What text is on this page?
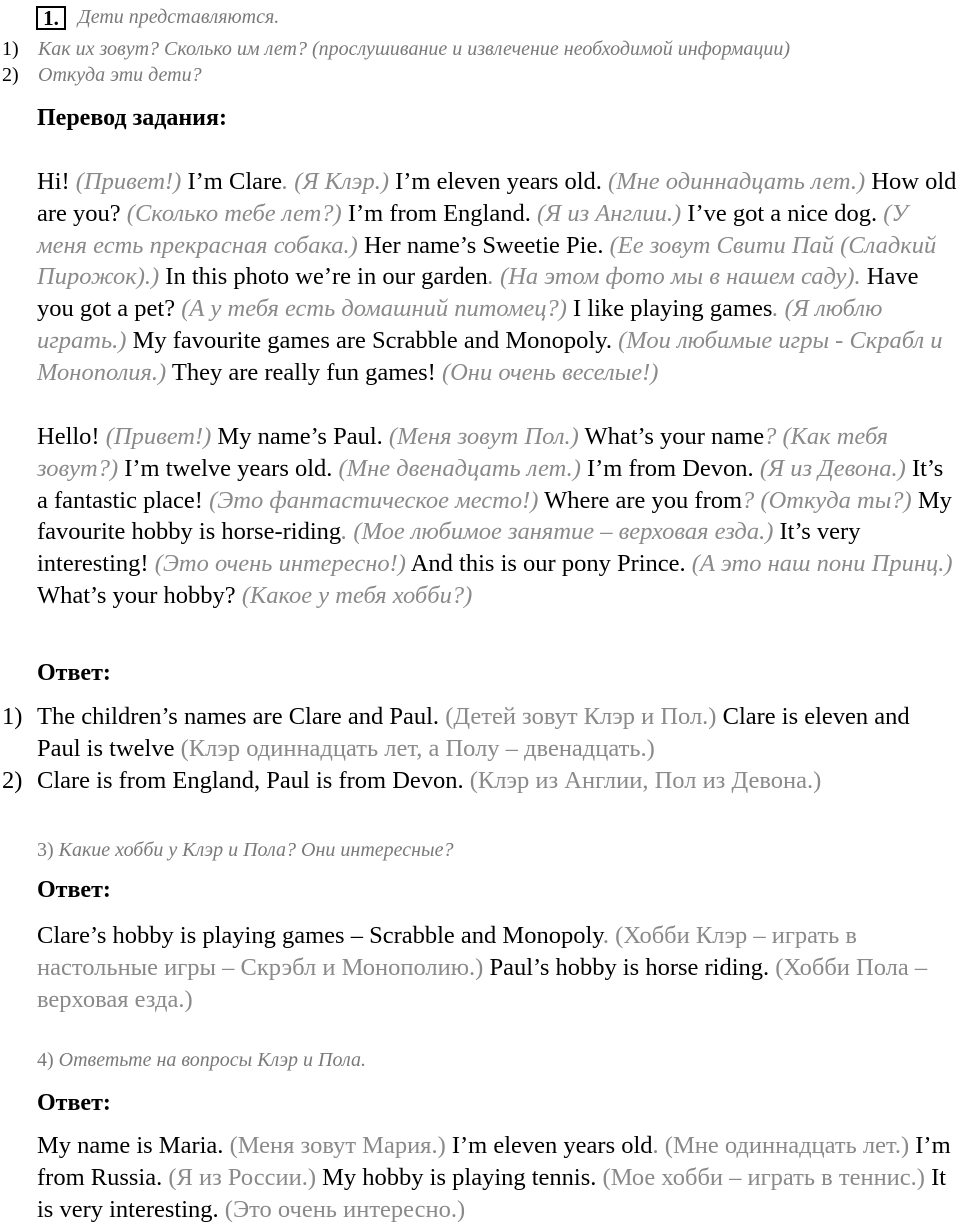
1. Дети представляются.
1) Как их зовут? Сколько им лет? (прослушивание и извлечение необходимой информации)
2) Откуда эти дети?
Перевод задания:
Hi! (Привет!) I’m Clare. (Я Клэр.) I’m eleven years old. (Мне одиннадцать лет.) How old are you? (Сколько тебе лет?) I’m from England. (Я из Англии.) I’ve got a nice dog. (У меня есть прекрасная собака.) Her name’s Sweetie Pie. (Ее зовут Свити Пай (Сладкий Пирожок).) In this photo we’re in our garden. (На этом фото мы в нашем саду). Have you got a pet? (А у тебя есть домашний питомец?) I like playing games. (Я люблю играть.) My favourite games are Scrabble and Monopoly. (Мои любимые игры - Скрабл и Монополия.) They are really fun games! (Они очень веселые!)
Hello! (Привет!) My name’s Paul. (Меня зовут Пол.) What’s your name? (Как тебя зовут?) I’m twelve years old. (Мне двенадцать лет.) I’m from Devon. (Я из Девона.) It’s a fantastic place! (Это фантастическое место!) Where are you from? (Откуда ты?) My favourite hobby is horse-riding. (Мое любимое занятие – верховая езда.) It’s very interesting! (Это очень интересно!) And this is our pony Prince. (А это наш пони Принц.) What’s your hobby? (Какое у тебя хобби?)
Ответ:
1) The children’s names are Clare and Paul. (Детей зовут Клэр и Пол.) Clare is eleven and Paul is twelve (Клэр одиннадцать лет, а Полу – двенадцать.)
2) Clare is from England, Paul is from Devon. (Клэр из Англии, Пол из Девона.)
3) Какие хобби у Клэр и Пола? Они интересные?
Ответ:
Clare’s hobby is playing games – Scrabble and Monopoly. (Хобби Клэр – играть в настольные игры – Скрэбл и Монополию.) Paul’s hobby is horse riding. (Хобби Пола – верховая езда.)
4) Ответьте на вопросы Клэр и Пола.
Ответ:
My name is Maria. (Меня зовут Мария.) I’m eleven years old. (Мне одиннадцать лет.) I’m from Russia. (Я из России.) My hobby is playing tennis. (Мое хобби – играть в теннис.) It is very interesting. (Это очень интересно.)
